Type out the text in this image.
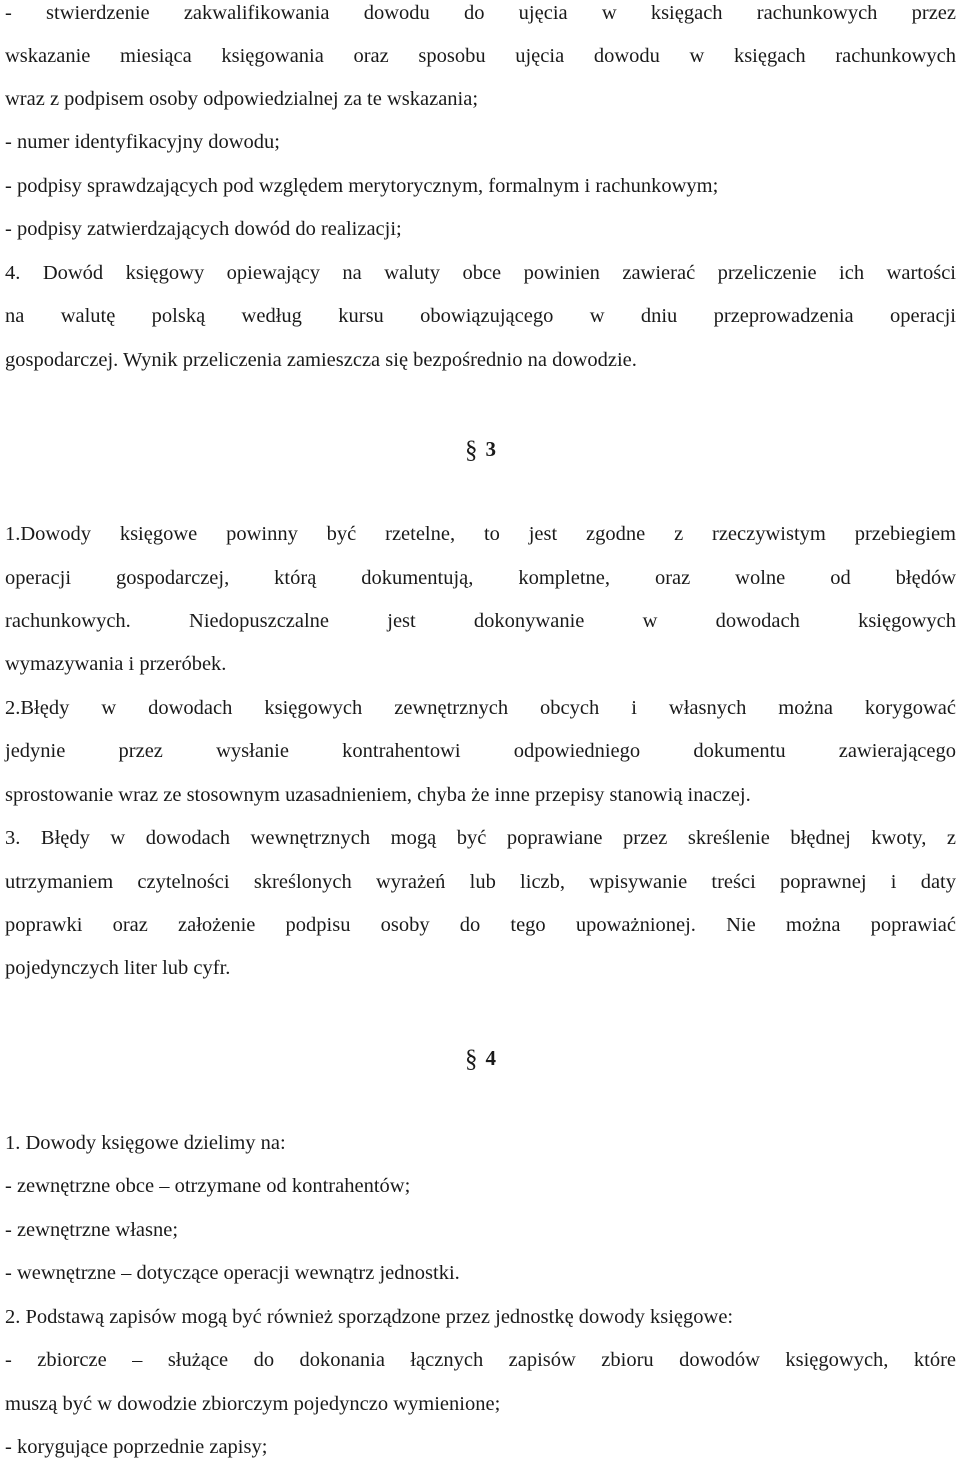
- stwierdzenie zakwalifikowania dowodu do ujęcia w księgach rachunkowych przez
wskazanie miesiąca księgowania oraz sposobu ujęcia dowodu w księgach rachunkowych
wraz z podpisem osoby odpowiedzialnej za te wskazania;
- numer identyfikacyjny dowodu;
- podpisy sprawdzających pod względem merytorycznym, formalnym i rachunkowym;
- podpisy zatwierdzających dowód do realizacji;
4. Dowód księgowy opiewający na waluty obce powinien zawierać przeliczenie ich wartości
na walutę polską według kursu obowiązującego w dniu przeprowadzenia operacji
gospodarczej. Wynik przeliczenia zamieszcza się bezpośrednio na dowodzie.
§ 3
1.Dowody księgowe powinny być rzetelne, to jest zgodne z rzeczywistym przebiegiem
operacji gospodarczej, którą dokumentują, kompletne, oraz wolne od błędów
rachunkowych. Niedopuszczalne jest dokonywanie w dowodach księgowych
wymazywania i przeróbek.
2.Błędy w dowodach księgowych zewnętrznych obcych i własnych można korygować
jedynie przez wysłanie kontrahentowi odpowiedniego dokumentu zawierającego
sprostowanie wraz ze stosownym uzasadnieniem, chyba że inne przepisy stanowią inaczej.
3. Błędy w dowodach wewnętrznych mogą być poprawiane przez skreślenie błędnej kwoty, z
utrzymaniem czytelności skreślonych wyrażeń lub liczb, wpisywanie treści poprawnej i daty
poprawki oraz założenie podpisu osoby do tego upoważnionej. Nie można poprawiać
pojedynczych liter lub cyfr.
§ 4
1. Dowody księgowe dzielimy na:
- zewnętrzne obce – otrzymane od kontrahentów;
- zewnętrzne własne;
- wewnętrzne – dotyczące operacji wewnątrz jednostki.
2. Podstawą zapisów mogą być również sporządzone przez jednostkę dowody księgowe:
- zbiorcze – służące do dokonania łącznych zapisów zbioru dowodów księgowych, które
muszą być w dowodzie zbiorczym pojedynczo wymienione;
- korygujące poprzednie zapisy;
